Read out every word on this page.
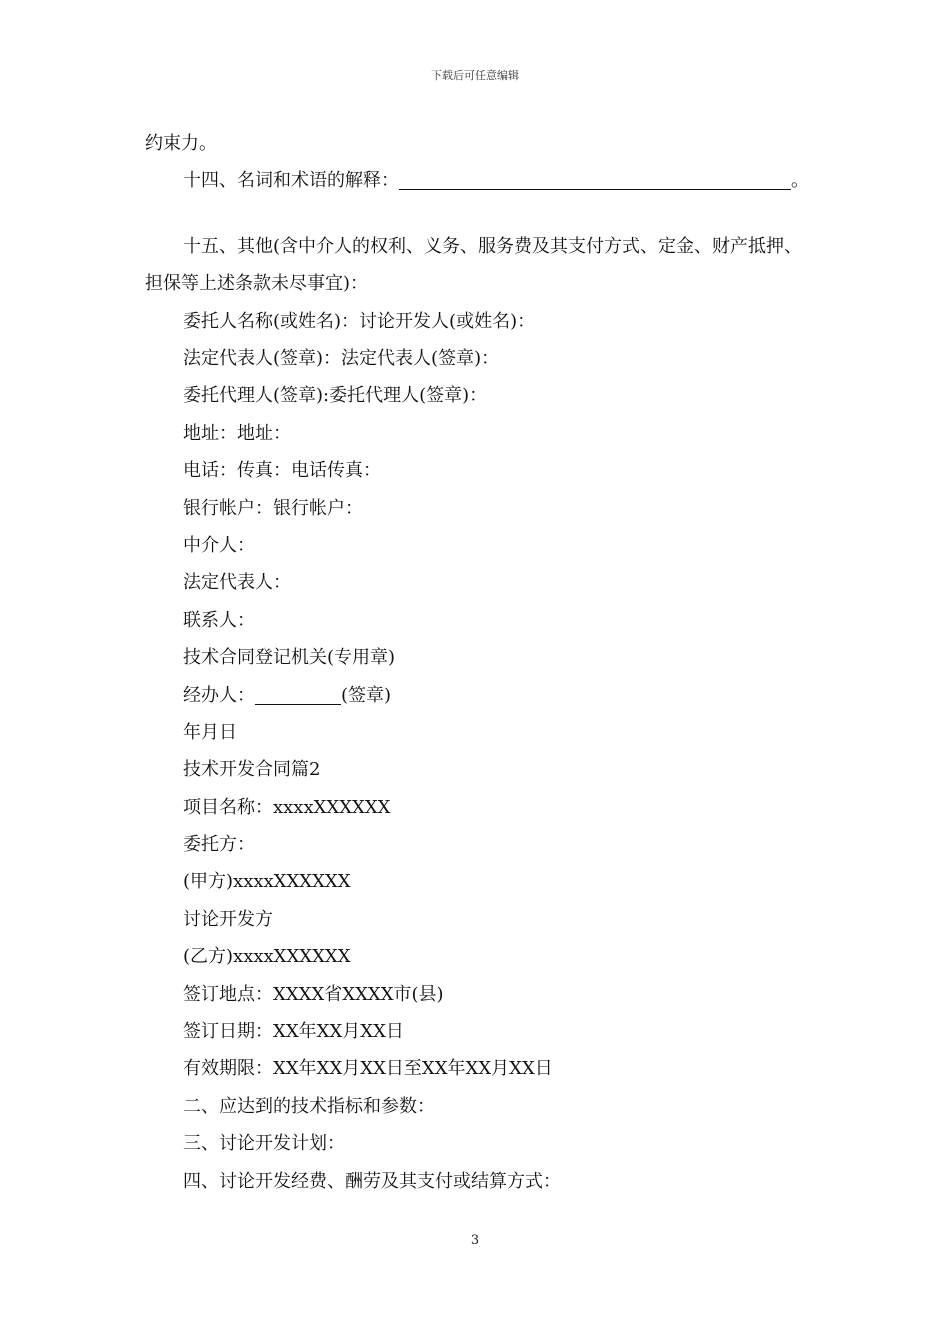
下载后可任意编辑
约束力。
十四、名词和术语的解释：	。
十五、其他(含中介人的权利、义务、服务费及其支付方式、定金、财产抵押、担保等上述条款未尽事宜)：
委托人名称(或姓名)：讨论开发人(或姓名)：
法定代表人(签章)：法定代表人(签章)：
委托代理人(签章):委托代理人(签章)：
地址：地址：
电话：传真：电话传真：
银行帐户：银行帐户：
中介人：
法定代表人：
联系人：
技术合同登记机关(专用章)
经办人：	(签章)
年月日
技术开发合同篇2
项目名称：xxxxXXXXXX
委托方：
(甲方)xxxxXXXXXX
讨论开发方
(乙方)xxxxXXXXXX
签订地点：XXXX省XXXX市(县)
签订日期：XX年XX月XX日
有效期限：XX年XX月XX日至XX年XX月XX日
二、应达到的技术指标和参数：
三、讨论开发计划：
四、讨论开发经费、酬劳及其支付或结算方式：
3
